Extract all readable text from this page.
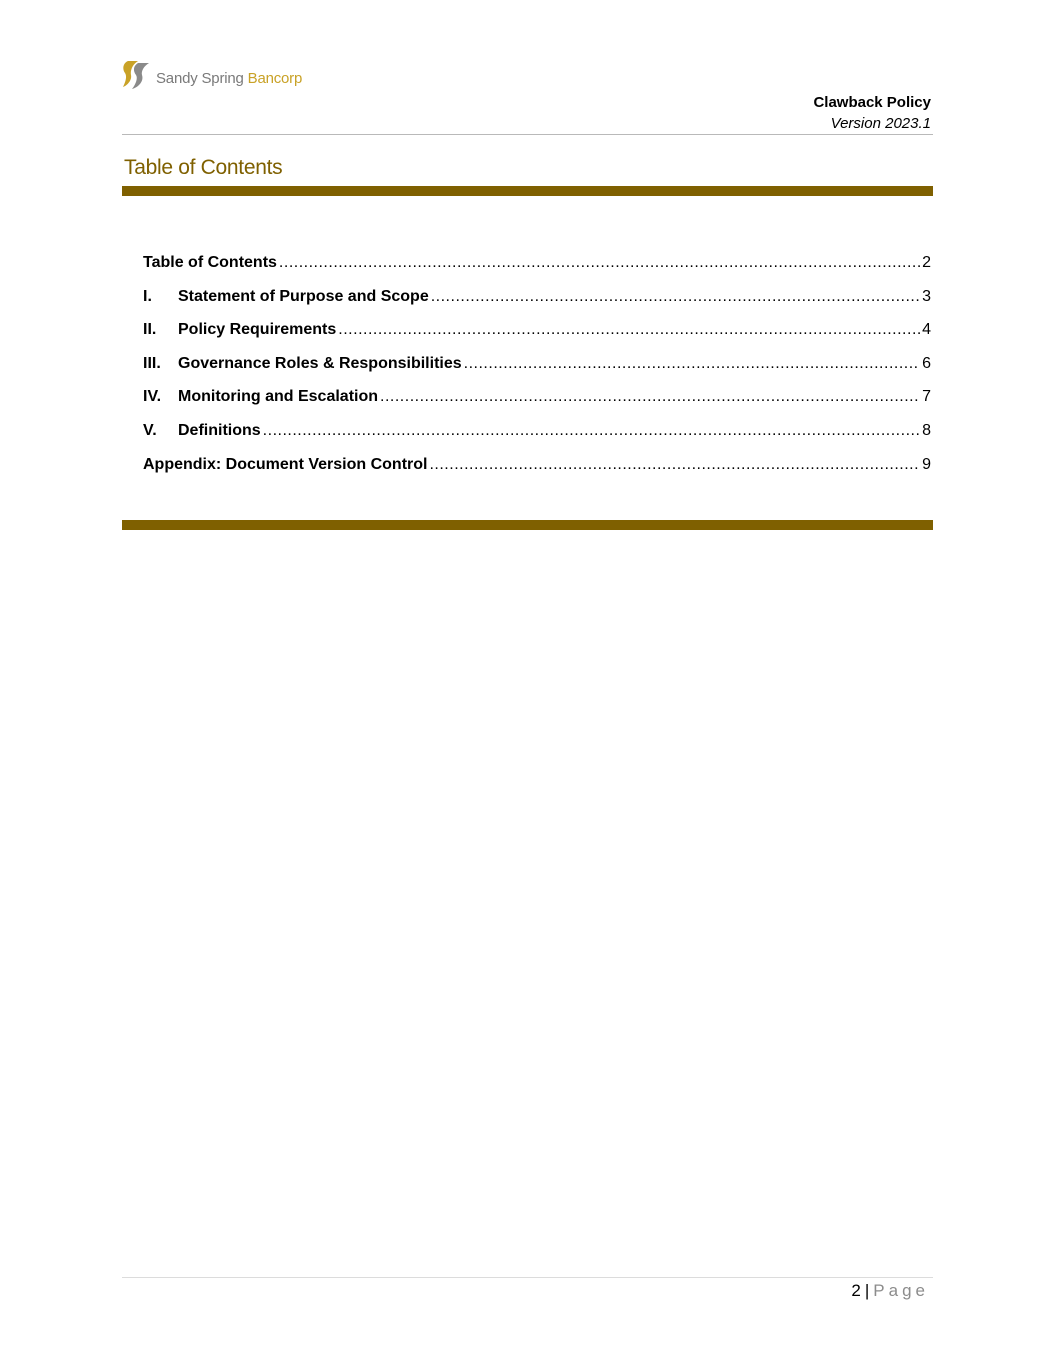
Sandy Spring Bancorp
Clawback Policy
Version 2023.1
Table of Contents
Table of Contents .....	2
I.	Statement of Purpose and Scope .....	3
II.	Policy Requirements .....	4
III.	Governance Roles & Responsibilities .....	6
IV.	Monitoring and Escalation .....	7
V.	Definitions .....	8
Appendix: Document Version Control .....	9
2 | Page
